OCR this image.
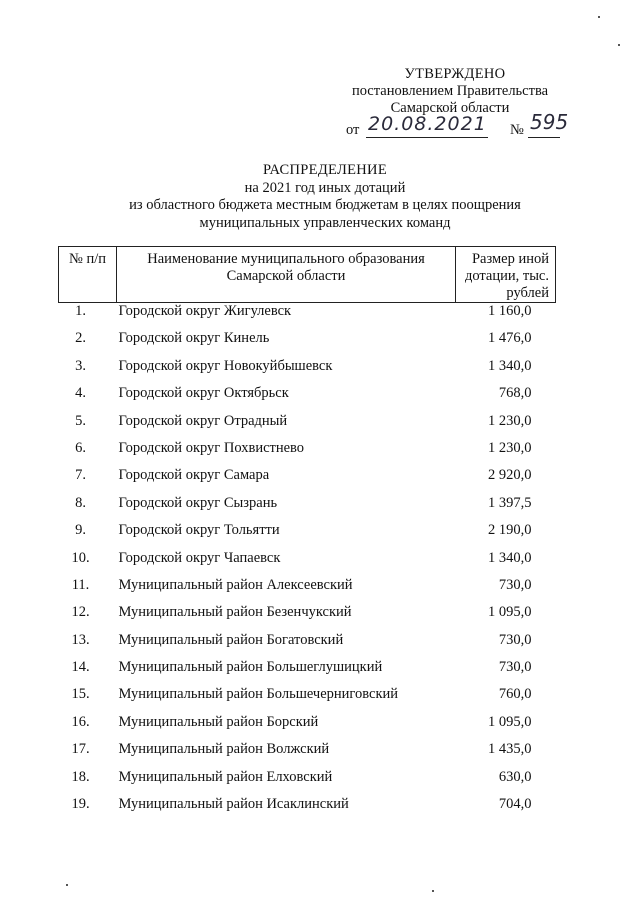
УТВЕРЖДЕНО
постановлением Правительства
Самарской области
от 20.08.2021 № 595
РАСПРЕДЕЛЕНИЕ
на 2021 год иных дотаций
из областного бюджета местным бюджетам в целях поощрения
муниципальных управленческих команд
№ п/п	Наименование муниципального образования Самарской области	Размер иной дотации, тыс. рублей
1.	Городской округ Жигулевск	1 160,0
2.	Городской округ Кинель	1 476,0
3.	Городской округ Новокуйбышевск	1 340,0
4.	Городской округ Октябрьск	768,0
5.	Городской округ Отрадный	1 230,0
6.	Городской округ Похвистнево	1 230,0
7.	Городской округ Самара	2 920,0
8.	Городской округ Сызрань	1 397,5
9.	Городской округ Тольятти	2 190,0
10.	Городской округ Чапаевск	1 340,0
11.	Муниципальный район Алексеевский	730,0
12.	Муниципальный район Безенчукский	1 095,0
13.	Муниципальный район Богатовский	730,0
14.	Муниципальный район Большеглушицкий	730,0
15.	Муниципальный район Большечерниговский	760,0
16.	Муниципальный район Борский	1 095,0
17.	Муниципальный район Волжский	1 435,0
18.	Муниципальный район Елховский	630,0
19.	Муниципальный район Исаклинский	704,0
